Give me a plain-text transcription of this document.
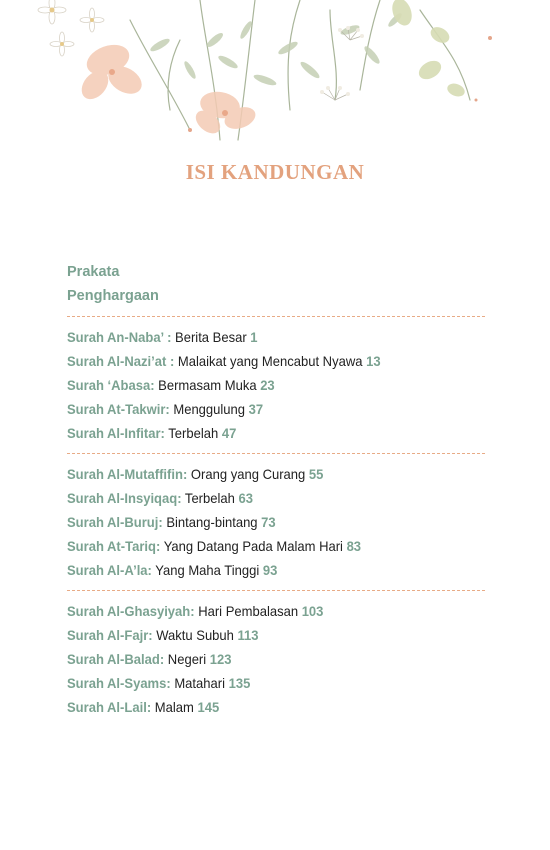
ISI KANDUNGAN
Prakata
Penghargaan
Surah An-Naba’ : Berita Besar 1
Surah Al-Nazi’at : Malaikat yang Mencabut Nyawa 13
Surah ‘Abasa: Bermasam Muka 23
Surah At-Takwir: Menggulung 37
Surah Al-Infitar: Terbelah 47
Surah Al-Mutaffifin: Orang yang Curang 55
Surah Al-Insyiqaq: Terbelah 63
Surah Al-Buruj: Bintang-bintang 73
Surah At-Tariq: Yang Datang Pada Malam Hari 83
Surah Al-A’la: Yang Maha Tinggi 93
Surah Al-Ghasyiyah: Hari Pembalasan 103
Surah Al-Fajr: Waktu Subuh 113
Surah Al-Balad: Negeri 123
Surah Al-Syams: Matahari 135
Surah Al-Lail: Malam 145
